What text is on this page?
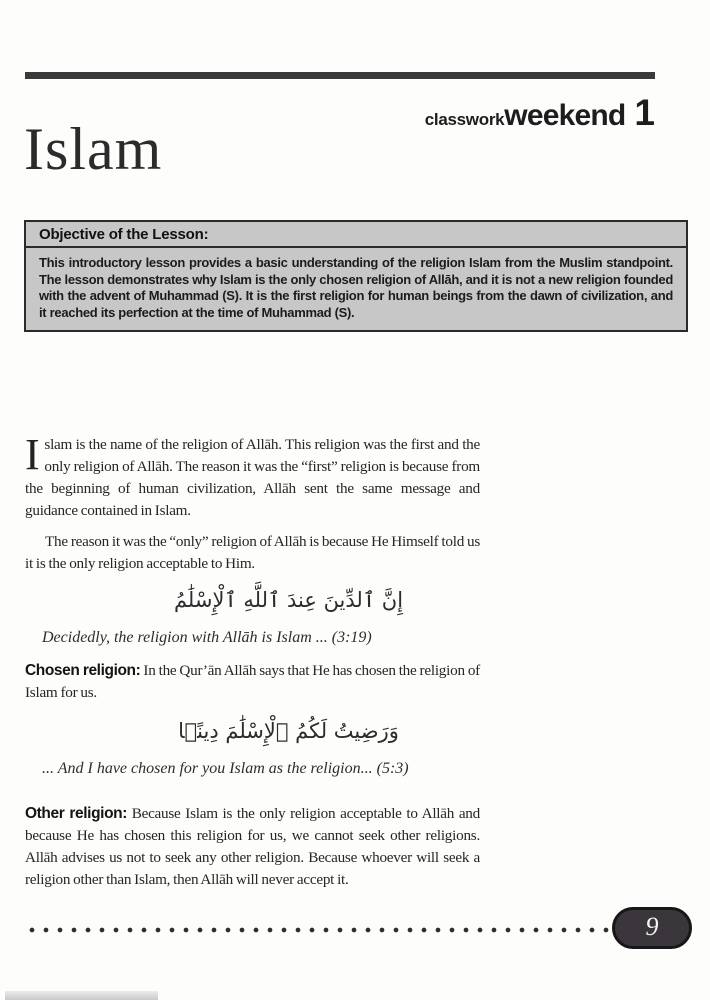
classwork weekend 1
Islam
Objective of the Lesson:
This introductory lesson provides a basic understanding of the religion Islam from the Muslim standpoint. The lesson demonstrates why Islam is the only chosen religion of Allāh, and it is not a new religion founded with the advent of Muhammad (S). It is the first religion for human beings from the dawn of civilization, and it reached its perfection at the time of Muhammad (S).

Islam is the name of the religion of Allāh. This religion was the first and the only religion of Allāh. The reason it was the “first” religion is because from the beginning of human civilization, Allāh sent the same message and guidance contained in Islam.

The reason it was the “only” religion of Allāh is because He Himself told us it is the only religion acceptable to Him.

إِنَّ ٱلدِّينَ عِندَ ٱللَّهِ ٱلْإِسْلَٰمُ

Decidedly, the religion with Allāh is Islam ... (3:19)

Chosen religion: In the Qur’ān Allāh says that He has chosen the religion of Islam for us.

وَرَضِيتُ لَكُمُ ٱلْإِسْلَٰمَ دِينًۭا

... And I have chosen for you Islam as the religion... (5:3)

Other religion: Because Islam is the only religion acceptable to Allāh and because He has chosen this religion for us, we cannot seek other religions. Allāh advises us not to seek any other religion. Because whoever will seek a religion other than Islam, then Allāh will never accept it.

9
